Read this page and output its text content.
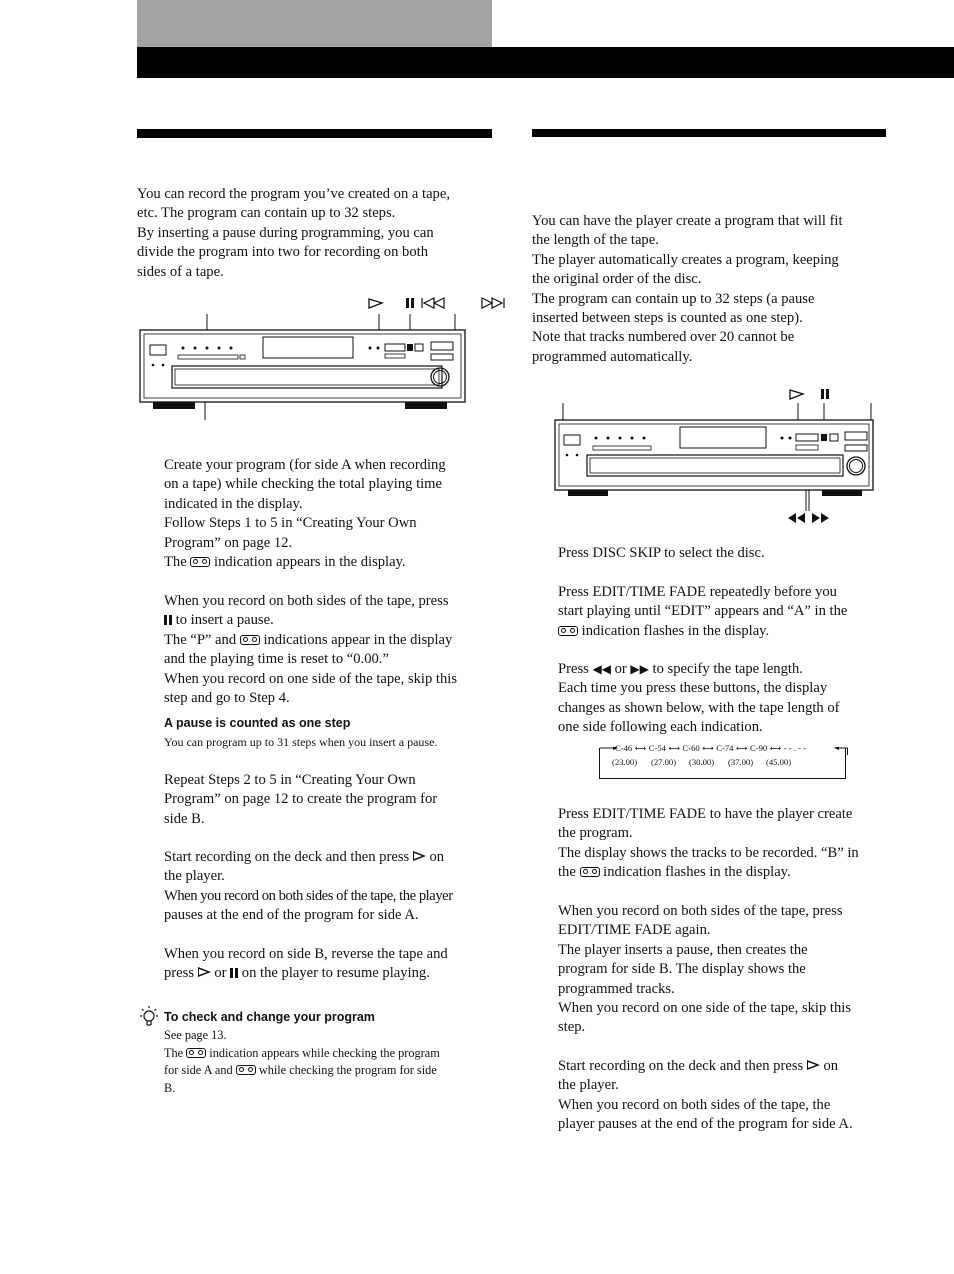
You can record the program you’ve created on a tape,

etc. The program can contain up to 32 steps.

By inserting a pause during programming, you can

divide the program into two for recording on both

sides of a tape.

Create your program (for side A when recording

on a tape) while checking the total playing time

indicated in the display.

Follow Steps 1 to 5 in “Creating Your Own

Program” on page 12.

The indication appears in the display.

When you record on both sides of the tape, press

to insert a pause.

The “P” and indications appear in the display

and the playing time is reset to “0.00.”

When you record on one side of the tape, skip this

step and go to Step 4.

A pause is counted as one step
You can program up to 31 steps when you insert a pause.

Repeat Steps 2 to 5 in “Creating Your Own

Program” on page 12 to create the program for

side B.

Start recording on the deck and then press on

the player.

When you record on both sides of the tape, the player

pauses at the end of the program for side A.

When you record on side B, reverse the tape and

press or on the player to resume playing.

To check and change your program

See page 13.

The indication appears while checking the program

for side A and while checking the program for side

B.

You can have the player create a program that will fit

the length of the tape.

The player automatically creates a program, keeping

the original order of the disc.

The program can contain up to 32 steps (a pause

inserted between steps is counted as one step).

Note that tracks numbered over 20 cannot be

programmed automatically.

Press DISC SKIP to select the disc.

Press EDIT/TIME FADE repeatedly before you

start playing until “EDIT” appears and “A” in the

indication flashes in the display.

Press ◀◀ or ▶▶ to specify the tape length.

Each time you press these buttons, the display

changes as shown below, with the tape length of

one side following each indication.

C-46 ⟷ C-54 ⟷ C-60 ⟷ C-74 ⟷ C-90 ⟷ - - . - -
(23.00) (27.00) (30.00) (37.00) (45.00)

Press EDIT/TIME FADE to have the player create

the program.

The display shows the tracks to be recorded. “B” in

the indication flashes in the display.

When you record on both sides of the tape, press

EDIT/TIME FADE again.

The player inserts a pause, then creates the

program for side B. The display shows the

programmed tracks.

When you record on one side of the tape, skip this

step.

Start recording on the deck and then press on

the player.

When you record on both sides of the tape, the

player pauses at the end of the program for side A.
